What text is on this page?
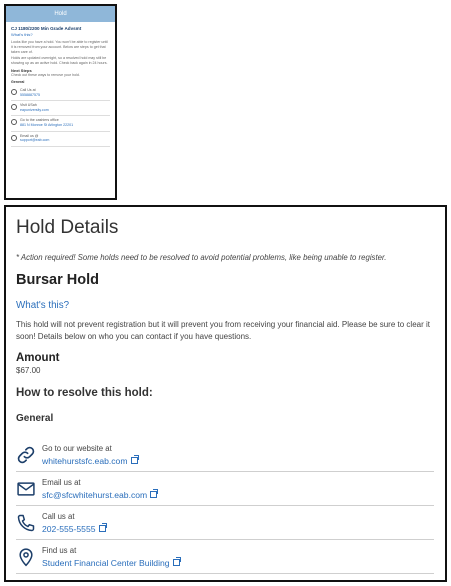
Hold
CJ 1180/2200 Min Grade Advsmt
What's this?
Looks like you have a hold. You won't be able to register until it is removed from your account. Below are steps to get that taken care of.
Holds are updated overnight, so a resolved hold may still be showing up as an active hold. Check back again in 24 hours.
Next Steps
Check out these ways to remove your hold.
General
Call Us at
5558887575
Visit USah
eapuniversity.com
Go to the cashiers office
881 N Monroe St Arlington 22201
Email us @
support@eab.com
Hold Details
* Action required! Some holds need to be resolved to avoid potential problems, like being unable to register.
Bursar Hold
What's this?

This hold will not prevent registration but it will prevent you from receiving your financial aid. Please be sure to clear it soon! Details below on who you can contact if you have questions.

Amount
$67.00
How to resolve this hold:
General
Go to our website at
whitehurstsfc.eab.com
Email us at
sfc@sfcwhitehurst.eab.com
Call us at
202-555-5555
Find us at
Student Financial Center Building
